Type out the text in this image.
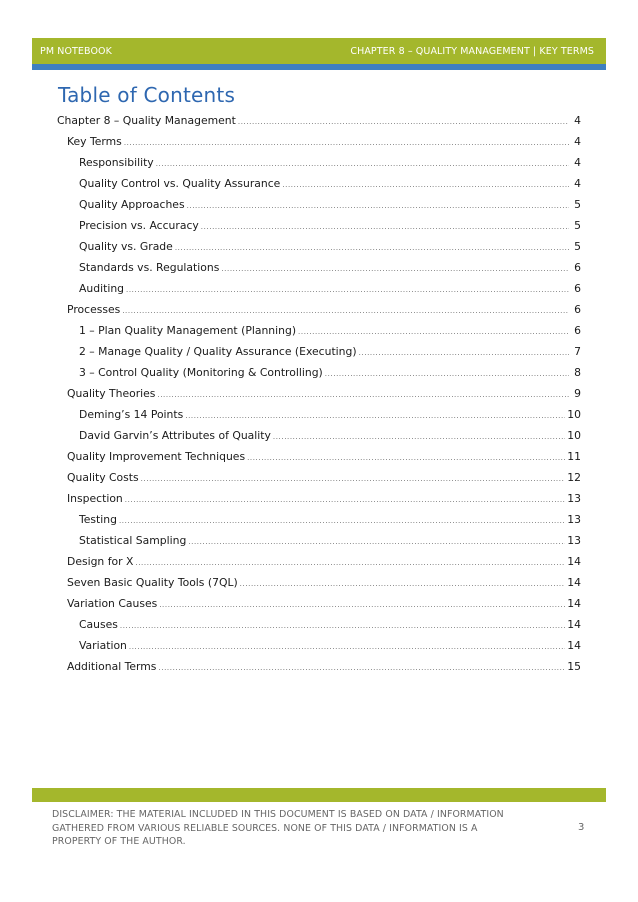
PM NOTEBOOK	CHAPTER 8 – QUALITY MANAGEMENT | KEY TERMS
Table of Contents
Chapter 8 – Quality Management .....	4
Key Terms .....	4
Responsibility .....	4
Quality Control vs. Quality Assurance .....	4
Quality Approaches .....	5
Precision vs. Accuracy .....	5
Quality vs. Grade .....	5
Standards vs. Regulations .....	6
Auditing .....	6
Processes .....	6
1 – Plan Quality Management (Planning) .....	6
2 – Manage Quality / Quality Assurance (Executing) .....	7
3 – Control Quality (Monitoring & Controlling) .....	8
Quality Theories .....	9
Deming’s 14 Points .....	10
David Garvin’s Attributes of Quality .....	10
Quality Improvement Techniques .....	11
Quality Costs .....	12
Inspection .....	13
Testing .....	13
Statistical Sampling .....	13
Design for X .....	14
Seven Basic Quality Tools (7QL) .....	14
Variation Causes .....	14
Causes .....	14
Variation .....	14
Additional Terms .....	15

DISCLAIMER: THE MATERIAL INCLUDED IN THIS DOCUMENT IS BASED ON DATA / INFORMATION GATHERED FROM VARIOUS RELIABLE SOURCES. NONE OF THIS DATA / INFORMATION IS A PROPERTY OF THE AUTHOR.

3
